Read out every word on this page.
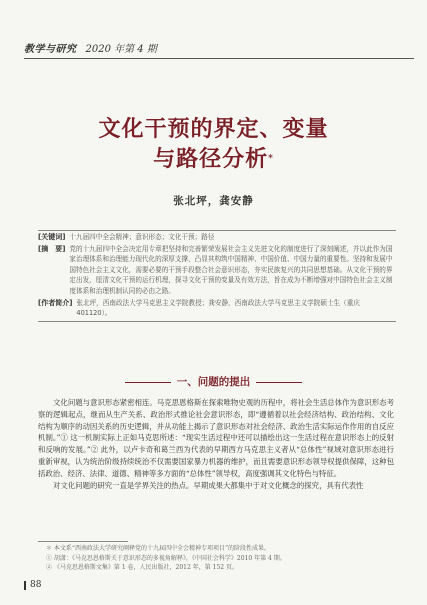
教学与研究 2020 年第 4 期
文化干预的界定、变量
与路径分析*
张北坪，龚安静
[关键词] 十九届四中全会精神；意识形态；文化干预；路径
[摘　要] 党的十九届四中全会决定用专章把坚持和完善繁荣发展社会主义先进文化的制度进行了深刻阐述，并以此作为国家治理体系和治理能力现代化的深厚支撑，凸显其构筑中国精神、中国价值、中国力量的重要性。坚持和发展中国特色社会主义文化，需要必要的干预手段整合社会意识形态，夯实民族复兴的共同思想基础。从文化干预的界定出发，厘清文化干预的运行机理，探寻文化干预的变量及有效方法，旨在成为不断增强对中国特色社会主义制度体系和治理机制认同的必由之路。
[作者简介] 张北坪，西南政法大学马克思主义学院教授；龚安静，西南政法大学马克思主义学院硕士生（重庆 401120）。
一、问题的提出

文化问题与意识形态紧密相连。马克思恩格斯在探索唯物史观的历程中，将社会生活总体作为意识形态考察的逻辑起点，继而从生产关系、政治形式推论社会意识形态，即“遵循着以社会经济结构、政治结构、文化结构为顺序的动因关系的历史逻辑，并从功能上揭示了意识形态对社会经济、政治生活实际运作作用的自反应机制。”① 这一机制实际上正如马克思所述：“现实生活过程中还可以描绘出这一生活过程在意识形态上的反射和反响的发展。”② 此外，以卢卡奇和葛兰西为代表的早期西方马克思主义者从“总体性”视域对意识形态进行重新审视，认为统治阶级持续统治不仅需要国家暴力机器的维护，而且需要意识形态领导权提供保障，这种包括政治、经济、法律、道德、精神等多方面的“总体性”领导权，高度强调其文化特色与特征。

对文化问题的研究一直是学界关注的热点。早期成果大都集中于对文化概念的探究，具有代表性

＊ 本文系“西南政法大学研究阐释党的十九届四中全会精神专项项目”的阶段性成果。
① 胡潇：《马克思恩格斯关于意识形态的多视角解释》，《中国社会科学》2010 年第 4 期。
② 《马克思恩格斯文集》第 1 卷，人民出版社，2012 年，第 152 页。
88
